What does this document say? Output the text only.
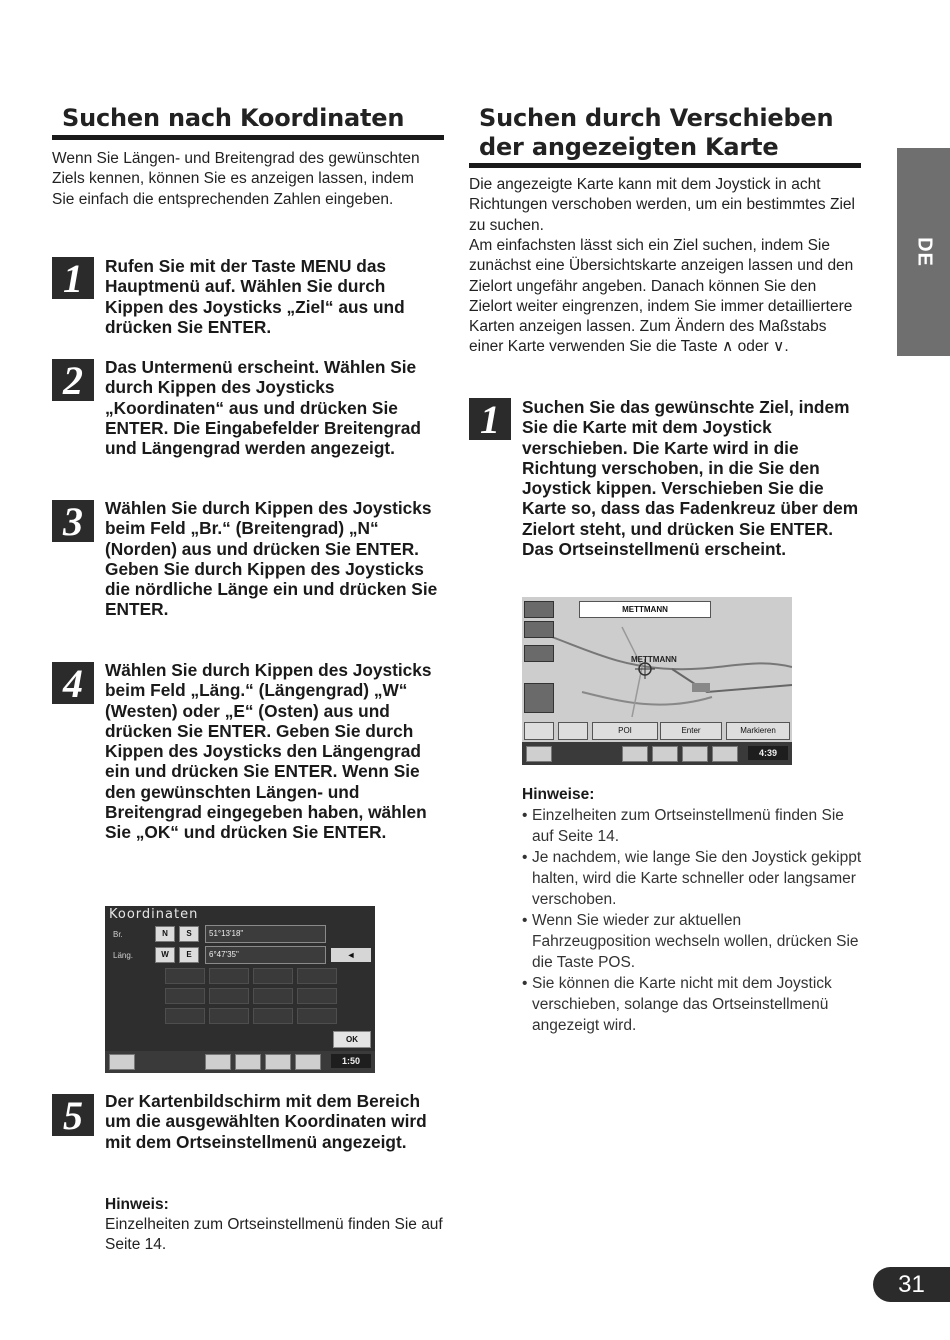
Suchen nach Koordinaten

Wenn Sie Längen- und Breitengrad des gewünschten Ziels kennen, können Sie es anzeigen lassen, indem Sie einfach die entsprechenden Zahlen eingeben.

1	Rufen Sie mit der Taste MENU das Hauptmenü auf. Wählen Sie durch Kippen des Joysticks „Ziel“ aus und drücken Sie ENTER.

2	Das Untermenü erscheint. Wählen Sie durch Kippen des Joysticks „Koordinaten“ aus und drücken Sie ENTER. Die Eingabefelder Breitengrad und Längengrad werden angezeigt.

3	Wählen Sie durch Kippen des Joysticks beim Feld „Br.“ (Breitengrad) „N“ (Norden) aus und drücken Sie ENTER. Geben Sie durch Kippen des Joysticks die nördliche Länge ein und drücken Sie ENTER.

4	Wählen Sie durch Kippen des Joysticks beim Feld „Läng.“ (Längengrad) „W“ (Westen) oder „E“ (Osten) aus und drücken Sie ENTER. Geben Sie durch Kippen des Joysticks den Längengrad ein und drücken Sie ENTER. Wenn Sie den gewünschten Längen- und Breitengrad eingegeben haben, wählen Sie „OK“ und drücken Sie ENTER.

Koordinaten
Br.	N	S	51°13'18"
Läng.	W	E	6°47'35"	◄
OK
1:50
5	Der Kartenbildschirm mit dem Bereich um die ausgewählten Koordinaten wird mit dem Ortseinstellmenü angezeigt.

Hinweis:

Einzelheiten zum Ortseinstellmenü finden Sie auf Seite 14.

Suchen durch Verschieben
der angezeigten Karte

Die angezeigte Karte kann mit dem Joystick in acht Richtungen verschoben werden, um ein bestimmtes Ziel zu suchen.

Am einfachsten lässt sich ein Ziel suchen, indem Sie zunächst eine Übersichtskarte anzeigen lassen und den Zielort ungefähr angeben. Danach können Sie den Zielort weiter eingrenzen, indem Sie immer detailliertere Karten anzeigen lassen. Zum Ändern des Maßstabs einer Karte verwenden Sie die Taste ∧ oder ∨.

1	Suchen Sie das gewünschte Ziel, indem Sie die Karte mit dem Joystick verschieben. Die Karte wird in die Richtung verschoben, in die Sie den Joystick kippen. Verschieben Sie die Karte so, dass das Fadenkreuz über dem Zielort steht, und drücken Sie ENTER. Das Ortseinstellmenü erscheint.

METTMANN
METTMANN
POI	Enter	Markieren
4:39

Hinweise:

• Einzelheiten zum Ortseinstellmenü finden Sie auf Seite 14.
• Je nachdem, wie lange Sie den Joystick gekippt halten, wird die Karte schneller oder langsamer verschoben.
• Wenn Sie wieder zur aktuellen Fahrzeugposition wechseln wollen, drücken Sie die Taste POS.
• Sie können die Karte nicht mit dem Joystick verschieben, solange das Ortseinstellmenü angezeigt wird.
DE
31
